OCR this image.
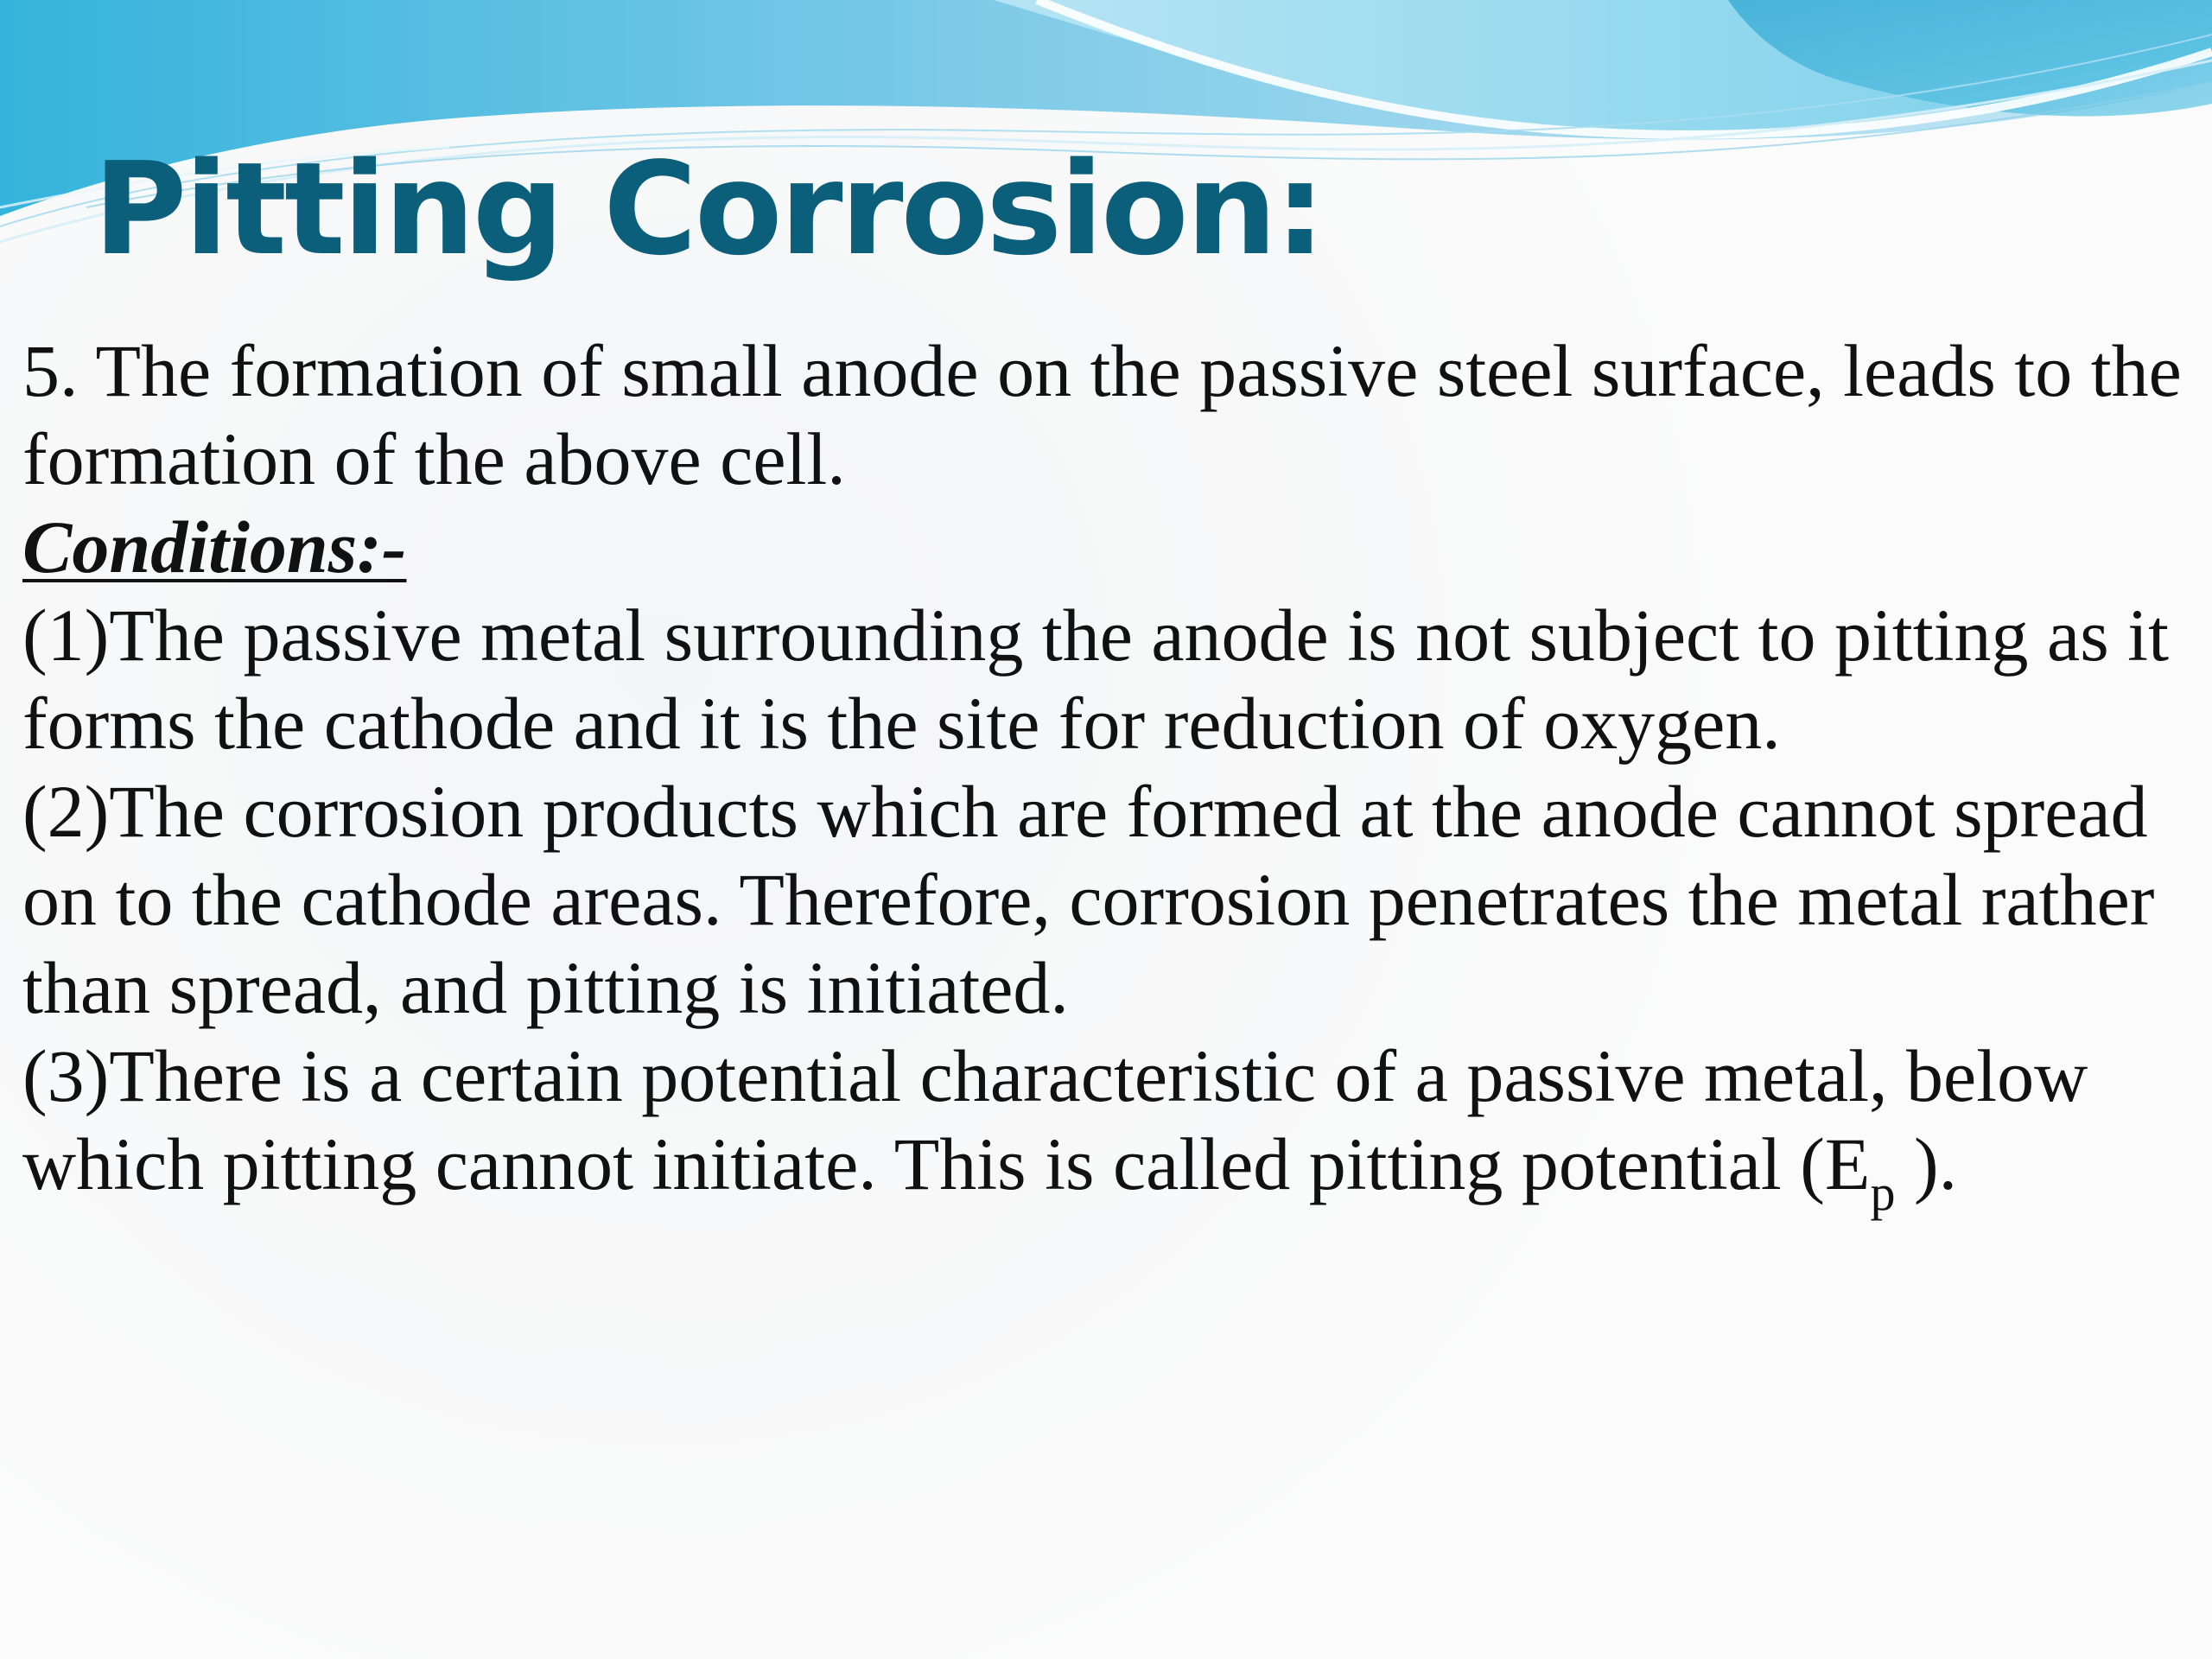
Pitting Corrosion:

5. The formation of small anode on the passive steel surface, leads to the formation of the above cell.

Conditions:-

(1)The passive metal surrounding the anode is not subject to pitting as it forms the cathode and it is the site for reduction of oxygen.

(2)The corrosion products which are formed at the anode cannot spread on to the cathode areas. Therefore, corrosion penetrates the metal rather than spread, and pitting is initiated.

(3)There is a certain potential characteristic of a passive metal, below which pitting cannot initiate. This is called pitting potential ($E_p$ ).
